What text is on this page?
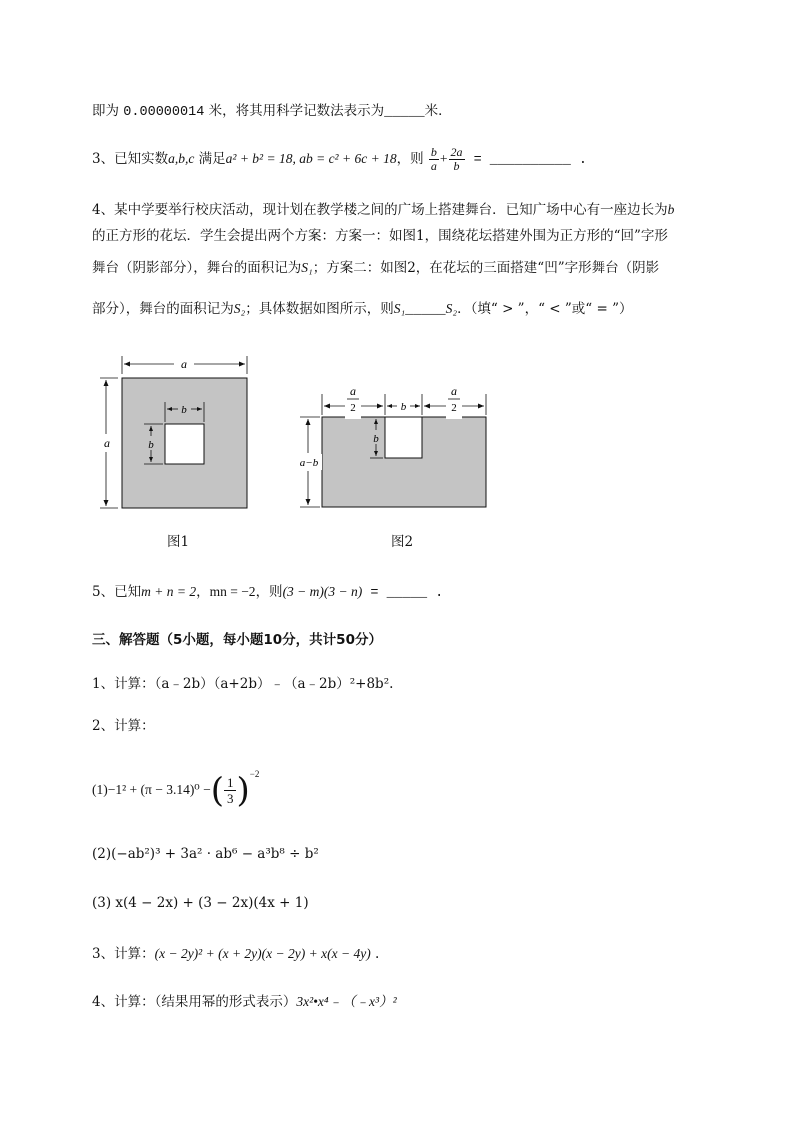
即为 0.00000014 米，将其用科学记数法表示为_____米．
3、已知实数a,b,c 满足a² + b² = 18, ab = c² + 6c + 18，则 $\frac{b}{a} + \frac{2a}{b}$ = __________ .
4、某中学要举行校庆活动，现计划在教学楼之间的广场上搭建舞台．已知广场中心有一座边长为b
的正方形的花坛．学生会提出两个方案：方案一：如图1，围绕花坛搭建外围为正方形的“回”字形
舞台（阴影部分），舞台的面积记为S₁；方案二：如图2，在花坛的三面搭建“凹”字形舞台（阴影
部分），舞台的面积记为S₂；具体数据如图所示，则S₁_____S₂．（填“ > ”，“ < ”或“ = ”）
a
a
b
b
图1
a
2
a
2
b
b
a−b
图2
5、已知m + n = 2，mn = −2，则(3 − m)(3 − n) = _____ .
三、解答题（5小题，每小题10分，共计50分）
1、计算：（a﹣2b）（a+2b）﹣（a﹣2b）²+8b².
2、计算：
(1)−1² + (π − 3.14)⁰ −( $\frac{1}{3} )^{-2}$
(2)(−ab²)³ + 3a² · ab⁶ − a³b⁸ ÷ b²
(3) x(4 − 2x) + (3 − 2x)(4x + 1)
3、计算：(x − 2y)² + (x + 2y)(x − 2y) + x(x − 4y) .
4、计算：（结果用幂的形式表示）3x²•x⁴﹣（﹣x³）²
